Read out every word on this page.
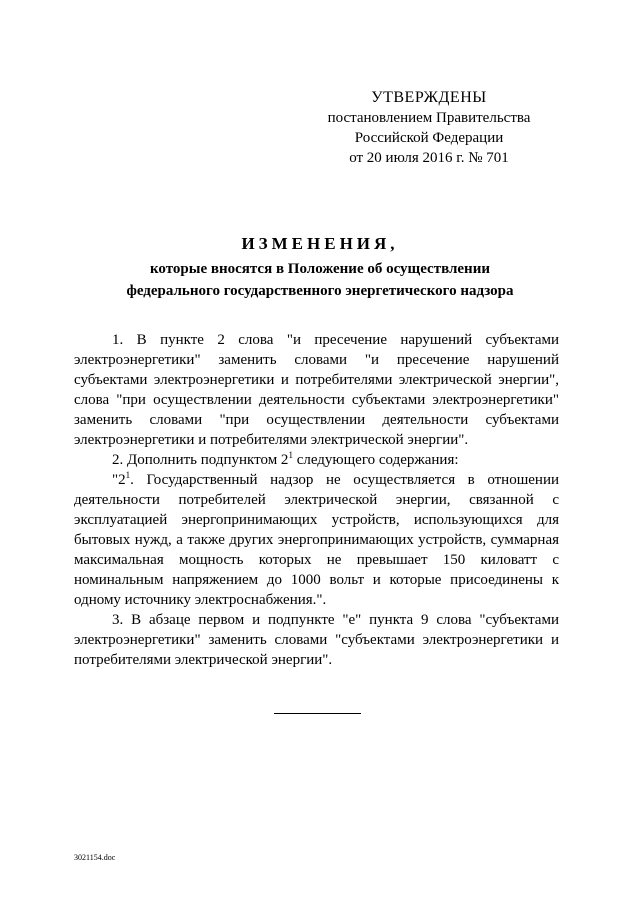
УТВЕРЖДЕНЫ
постановлением Правительства
Российской Федерации
от 20 июля 2016 г. № 701
ИЗМЕНЕНИЯ,
которые вносятся в Положение об осуществлении
федерального государственного энергетического надзора

1. В пункте 2 слова "и пресечение нарушений субъектами электроэнергетики" заменить словами "и пресечение нарушений субъектами электроэнергетики и потребителями электрической энергии", слова "при осуществлении деятельности субъектами электроэнергетики" заменить словами "при осуществлении деятельности субъектами электроэнергетики и потребителями электрической энергии".

2. Дополнить подпунктом $2^1$ следующего содержания:

"$2^1$. Государственный надзор не осуществляется в отношении деятельности потребителей электрической энергии, связанной с эксплуатацией энергопринимающих устройств, использующихся для бытовых нужд, а также других энергопринимающих устройств, суммарная максимальная мощность которых не превышает 150 киловатт с номинальным напряжением до 1000 вольт и которые присоединены к одному источнику электроснабжения.".

3. В абзаце первом и подпункте "е" пункта 9 слова "субъектами электроэнергетики" заменить словами "субъектами электроэнергетики и потребителями электрической энергии".

3021154.doc
